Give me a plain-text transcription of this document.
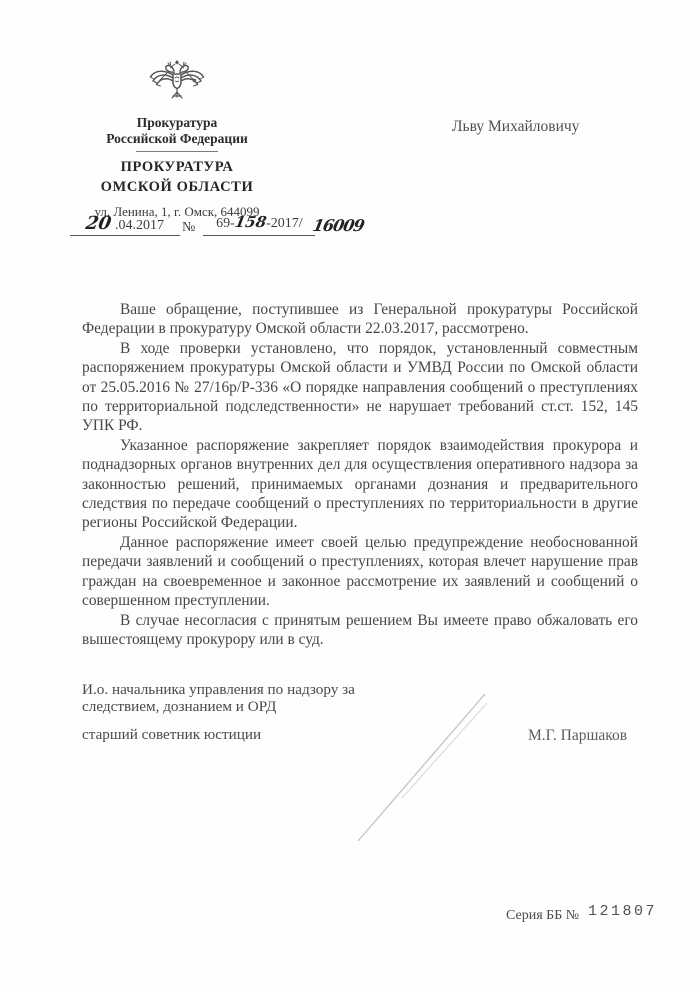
Прокуратура
Российской Федерации
ПРОКУРАТУРА
ОМСКОЙ ОБЛАСТИ
ул. Ленина, 1, г. Омск, 644099
20 .04.2017 № 69-158-2017/ 16009
Льву Михайловичу

Ваше обращение, поступившее из Генеральной прокуратуры Российской Федерации в прокуратуру Омской области 22.03.2017, рассмотрено.

В ходе проверки установлено, что порядок, установленный совместным распоряжением прокуратуры Омской области и УМВД России по Омской области от 25.05.2016 № 27/16р/Р-336 «О порядке направления сообщений о преступлениях по территориальной подследственности» не нарушает требований ст.ст. 152, 145 УПК РФ.

Указанное распоряжение закрепляет порядок взаимодействия прокурора и поднадзорных органов внутренних дел для осуществления оперативного надзора за законностью решений, принимаемых органами дознания и предварительного следствия по передаче сообщений о преступлениях по территориальности в другие регионы Российской Федерации.

Данное распоряжение имеет своей целью предупреждение необоснованной передачи заявлений и сообщений о преступлениях, которая влечет нарушение прав граждан на своевременное и законное рассмотрение их заявлений и сообщений о совершенном преступлении.

В случае несогласия с принятым решением Вы имеете право обжаловать его вышестоящему прокурору или в суд.

И.о. начальника управления по надзору за
следствием, дознанием и ОРД
старший советник юстиции	М.Г. Паршаков
Серия ББ № 121807
